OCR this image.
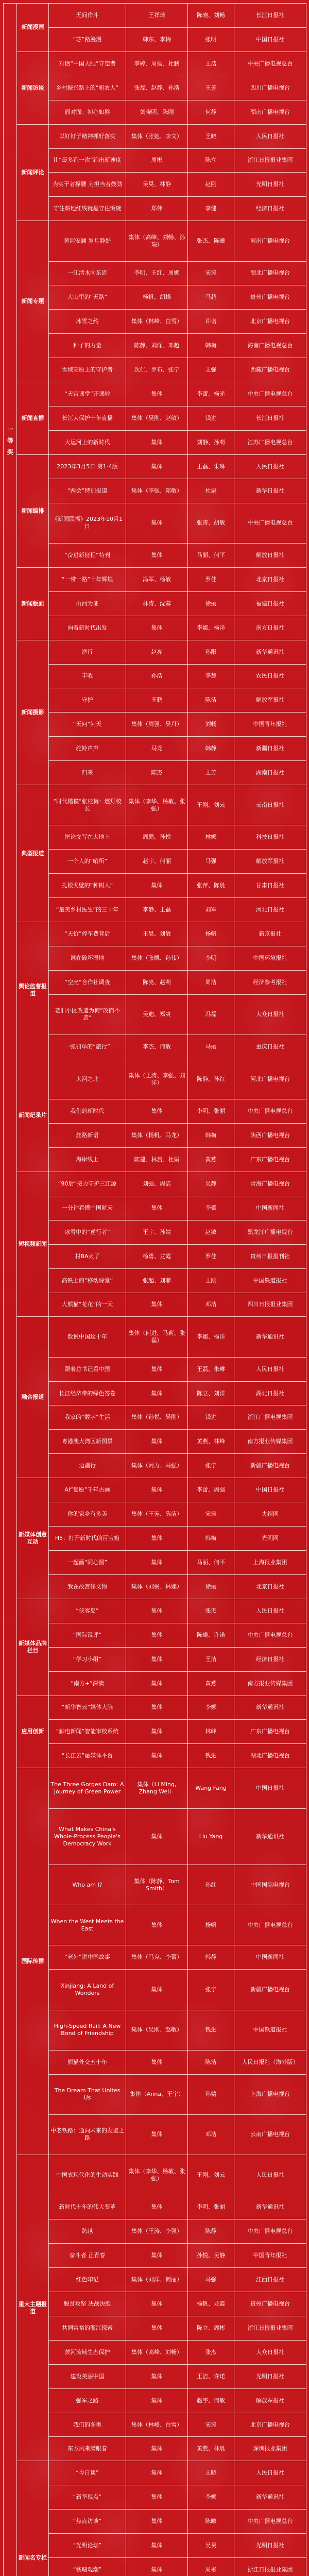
一等奖	新闻漫画	无间作斗	王祥琦	陈晓、刘畅	长江日报社
		“芯”路漫漫	韩东、李梅	张明	中国日报社
	新闻访谈	对话“中国天眼”守望者	李婷、周扬、杜鹏	王洁	中央广播电视总台
		乡村振兴路上的“新农人”	张磊、赵静、孙浩	王芳	四川广播电视台
		面对面：初心如磐	刘晓明、陈刚	何静	湖南广播电视台
	新闻评论	以钉钉子精神抓好落实	集体（张弛、李文）	王晓	人民日报社
		让“最多跑一次”跑出新速度	周彬	陈立	浙江日报报业集团
		为实干者撑腰 为担当者鼓劲	吴昊、林静	赵刚	光明日报社
		守住耕地红线就是守住饭碗	郑伟	李健	经济日报社
	新闻专题	黄河安澜 岁月静好	集体（高峰、刘畅、孙瑞）	张杰、陈曦	河南广播电视台
		一江清水向东流	李明、王红、周娜	宋涛	湖北广播电视台
		大山里的“天路”	杨帆、胡蝶	马超	贵州广播电视台
		冰雪之约	集体（林峰、白雪）	许诺	北京广播电视台
		种子的力量	陈静、刘洋、邓超	韩梅	海南广播电视总台
		雪域高原上的守护者	次仁、罗布、张宁	王强	西藏广播电视台
	新闻直播	“天宫课堂”开课啦	集体	李蕾、杨光	中央广播电视总台
		长江大保护十年直播	集体（吴刚、赵敏）	钱进	长江日报社
		大运河上的新时代	集体	刘静、孙莉	江苏广播电视总台
	新闻编排	2023年3月5日 第1-4版	集体	王磊、朱琳	人民日报社
		“两会”特别报道	集体（李强、郑敏）	杜娟	新华日报社
		《新闻联播》2023年10月1日	集体	张涛、胡敏	中央广播电视总台
		“奋进新征程”特刊	集体	马丽、何平	解放日报社
	新闻版面	“一带一路”十年辉煌	冯军、杨敏	罗佳	北京日报社
		山河为证	林涛、沈蓉	徐丽	福建日报社
		向着新时代出发	集体	李娜、杨洋	南方日报社
	新闻摄影	逆行	赵亮	孙阳	新华通讯社
		丰收	孙浩	李慧	农民日报社
		守护	王鹏	陈洁	解放军报社
		“天问”问天	集体（周强、吴丹）	刘畅	中国青年报社
		驼铃声声	马龙	韩静	新疆日报社
		归来	陈杰	王芳	湖南日报社
	典型报道	“时代楷模”张桂梅：燃灯校长	集体（李华、杨敏、张强）	王刚、刘云	云南日报社
		把论文写在大地上	周鹏、孙悦	林娜	科技日报社
		一个人的“哨所”	赵宇、何丽	马强	解放军报社
		扎根戈壁的“种树人”	集体	张萍、陈晨	甘肃日报社
		“最美乡村医生”的三十年	李静、王磊	刘军	河北日报社
	舆论监督报道	“天价”停车费背后	王昊、刘敏	杨帆	新京报社
		谁在破坏湿地	集体（张凯、孙伟）	李明	中国环境报社
		“空壳”合作社调查	陈亮、赵莉	周洁	经济参考报社
		老旧小区改造为何“改而不造”	吴迪、郑爽	冯磊	大众日报社
		一张罚单的“旅行”	李杰、何敏	马丽	重庆日报社
	新闻纪录片	大河之北	集体（王涛、李强、刘洋）	陈静、孙红	河北广播电视台
		我们的新时代	集体	李明、张丽	中央广播电视总台
		丝路新语	集体（杨帆、马龙）	韩梅	陕西广播电视台
		海岸线上	陈建、林晨、杜娟	黄燕	广东广播电视台
	短视频新闻	“90后”接力守护三江源	刘强、周洁	吴静	青海广播电视台
		一分钟看懂中国航天	集体	李蕾	中国新闻社
		冰雪中的“逆行者”	王宇、孙婧	赵敏	黑龙江广播电视台
		村BA火了	杨勇、龙霞	罗佳	贵州日报报刊社
		高铁上的“移动课堂”	张超、刘菲	王刚	中国铁道报社
		大熊猫“花花”的一天	集体	邓洁	四川日报报业集团
	融合报道	数说中国这十年	集体（何进、马莉、张磊）	李娜、杨洋	新华通讯社
		跟着总书记看中国	集体	王磊、朱琳	人民日报社
		长江经济带的绿色答卷	集体	陈立、刘洋	湖北日报社
		我家的“数字”生活	集体（孙悦、吴刚）	钱进	浙江广播电视集团
		粤港澳大湾区新图景	集体	黄燕、林峰	南方报业传媒集团
		边疆行	集体（阿力、马强）	张宁	新疆广播电视台
	新媒体创意互动	AI“复原”千年古画	集体	李蕾、周强	中国日报社
		你的家乡有多美	集体（王芳、陈洁）	宋涛	央视网
		H5：打开新时代的百宝箱	集体	韩梅	光明网
		一起画“同心圆”	集体	马丽、何平	上海报业集团
		我在故宫修文物	集体（刘畅、林娜）	徐丽	北京日报社
	新媒体品牌栏目	“侠客岛”	集体	张杰	人民日报社
		“国际锐评”	集体	陈曦、许诺	中央广播电视总台
		“学习小组”	集体	王洁	经济日报社
		“南方+”深读	集体	黄燕	南方报业传媒集团
	应用创新	“新华智云”媒体大脑	集体	李娜	新华通讯社
		“触电新闻”智能审校系统	集体	林峰	广东广播电视台
		“长江云”融媒体平台	集体	钱进	湖北广播电视台
	国际传播	The Three Gorges Dam: A Journey of Green Power	集体（Li Ming, Zhang Wei）	Wang Fang	中国日报社
		What Makes China's Whole-Process People's Democracy Work	集体	Liu Yang	新华通讯社
		Who am I?	集体（陈静、Tom Smith）	孙红	中国国际电视台
		When the West Meets the East	集体	杨帆	中央广播电视总台
		“老外”讲中国故事	集体（马克、李蕾）	韩静	中国新闻社
		Xinjiang: A Land of Wonders	集体	张宁	新疆广播电视台
		High-Speed Rail: A New Bond of Friendship	集体（吴刚、赵敏）	钱进	中国铁道报社
		熊猫外交五十年	集体	陈洁	人民日报社（海外版）
		The Dream That Unites Us	集体（Anna、王宇）	孙婧	上海广播电视台
		中老铁路：通向未来的友谊之路	集体	邓洁	云南广播电视台
	重大主题报道	中国式现代化的生动实践	集体（李华、杨敏、张强）	王刚、刘云	人民日报社
		新时代十年的伟大变革	集体	李明、张丽	新华通讯社
		跨越	集体（王涛、李强）	陈静	中央广播电视总台
		奋斗者 正青春	集体	孙悦、吴静	中国青年报社
		红色印记	集体（刘洋、何丽）	马强	江西日报社
		脱贫攻坚 决战决胜	集体	杨帆、龙霞	贵州广播电视台
		共同富裕的浙江探索	集体	陈立、周彬	浙江日报报业集团
		黄河流域生态保护	集体（高峰、刘畅）	张杰	大众日报社
		建设美丽中国	集体	王洁、许诺	光明日报社
		强军之路	集体	赵宇、何敏	解放军报社
		我们的冬奥	集体（林峰、白雪）	宋涛	北京广播电视台
		东方风来满眼春	集体	黄燕、林晨	深圳报业集团
	新闻名专栏	“今日谈”	集体	王晓	人民日报社
		“新华视点”	集体	李娜	新华通讯社
		“焦点访谈”	集体	陈曦	中央广播电视总台
		“光明论坛”	集体	吴昊	光明日报社
		“钱塘观潮”	集体	周彬	浙江日报报业集团
